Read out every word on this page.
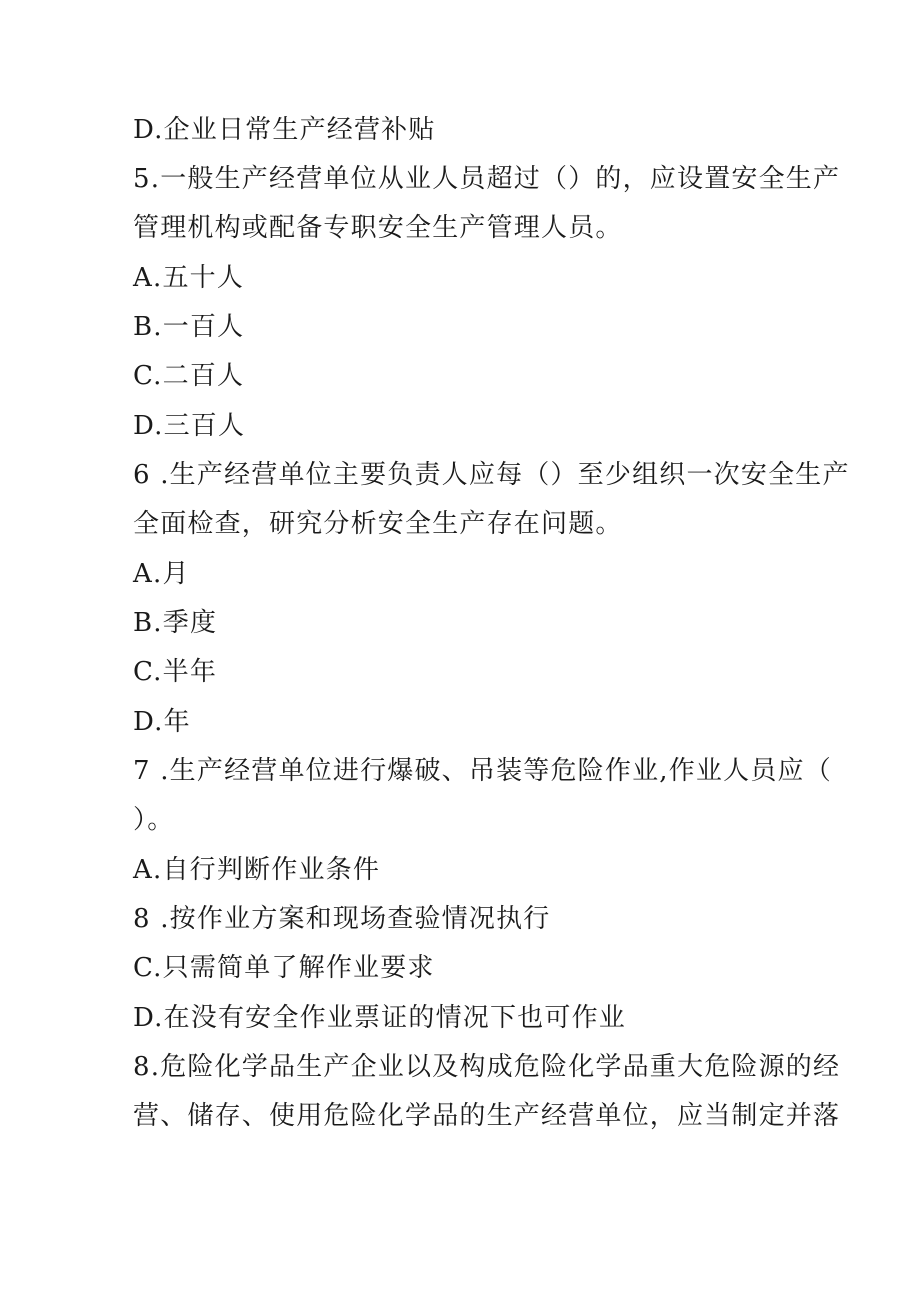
D.企业日常生产经营补贴
5.一般生产经营单位从业人员超过（）的，应设置安全生产
管理机构或配备专职安全生产管理人员。
A.五十人
B.一百人
C.二百人
D.三百人
6 .生产经营单位主要负责人应每（）至少组织一次安全生产
全面检查，研究分析安全生产存在问题。
A.月
B.季度
C.半年
D.年
7 .生产经营单位进行爆破、吊装等危险作业,作业人员应（
）。
A.自行判断作业条件
8 .按作业方案和现场查验情况执行
C.只需简单了解作业要求
D.在没有安全作业票证的情况下也可作业
8.危险化学品生产企业以及构成危险化学品重大危险源的经
营、储存、使用危险化学品的生产经营单位，应当制定并落
